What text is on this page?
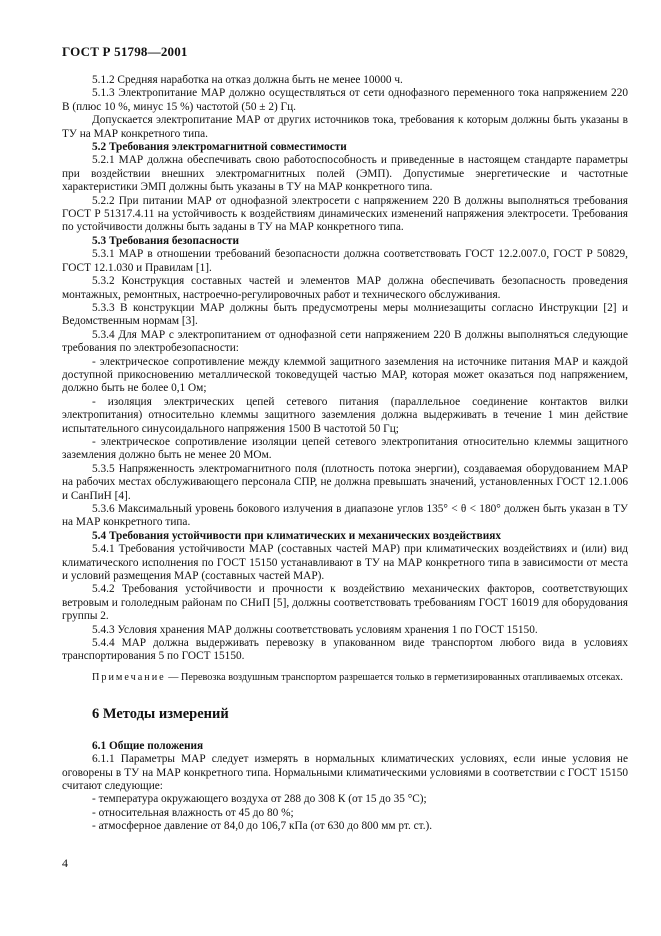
ГОСТ Р 51798—2001

5.1.2 Средняя наработка на отказ должна быть не менее 10000 ч.

5.1.3 Электропитание МАР должно осуществляться от сети однофазного переменного тока напряжением 220 В (плюс 10 %, минус 15 %) частотой (50 ± 2) Гц.

Допускается электропитание МАР от других источников тока, требования к которым должны быть указаны в ТУ на МАР конкретного типа.

5.2 Требования электромагнитной совместимости

5.2.1 МАР должна обеспечивать свою работоспособность и приведенные в настоящем стандарте параметры при воздействии внешних электромагнитных полей (ЭМП). Допустимые энергетические и частотные характеристики ЭМП должны быть указаны в ТУ на МАР конкретного типа.

5.2.2 При питании МАР от однофазной электросети с напряжением 220 В должны выполняться требования ГОСТ Р 51317.4.11 на устойчивость к воздействиям динамических изменений напряжения электросети. Требования по устойчивости должны быть заданы в ТУ на МАР конкретного типа.

5.3 Требования безопасности

5.3.1 МАР в отношении требований безопасности должна соответствовать ГОСТ 12.2.007.0, ГОСТ Р 50829, ГОСТ 12.1.030 и Правилам [1].

5.3.2 Конструкция составных частей и элементов МАР должна обеспечивать безопасность проведения монтажных, ремонтных, настроечно-регулировочных работ и технического обслуживания.

5.3.3 В конструкции МАР должны быть предусмотрены меры молниезащиты согласно Инструкции [2] и Ведомственным нормам [3].

5.3.4 Для МАР с электропитанием от однофазной сети напряжением 220 В должны выполняться следующие требования по электробезопасности:

- электрическое сопротивление между клеммой защитного заземления на источнике питания МАР и каждой доступной прикосновению металлической токоведущей частью МАР, которая может оказаться под напряжением, должно быть не более 0,1 Ом;

- изоляция электрических цепей сетевого питания (параллельное соединение контактов вилки электропитания) относительно клеммы защитного заземления должна выдерживать в течение 1 мин действие испытательного синусоидального напряжения 1500 В частотой 50 Гц;

- электрическое сопротивление изоляции цепей сетевого электропитания относительно клеммы защитного заземления должно быть не менее 20 МОм.

5.3.5 Напряженность электромагнитного поля (плотность потока энергии), создаваемая оборудованием МАР на рабочих местах обслуживающего персонала СПР, не должна превышать значений, установленных ГОСТ 12.1.006 и СанПиН [4].

5.3.6 Максимальный уровень бокового излучения в диапазоне углов 135° < θ < 180° должен быть указан в ТУ на МАР конкретного типа.

5.4 Требования устойчивости при климатических и механических воздействиях

5.4.1 Требования устойчивости МАР (составных частей МАР) при климатических воздействиях и (или) вид климатического исполнения по ГОСТ 15150 устанавливают в ТУ на МАР конкретного типа в зависимости от места и условий размещения МАР (составных частей МАР).

5.4.2 Требования устойчивости и прочности к воздействию механических факторов, соответствующих ветровым и гололедным районам по СНиП [5], должны соответствовать требованиям ГОСТ 16019 для оборудования группы 2.

5.4.3 Условия хранения МАР должны соответствовать условиям хранения 1 по ГОСТ 15150.

5.4.4 МАР должна выдерживать перевозку в упакованном виде транспортом любого вида в условиях транспортирования 5 по ГОСТ 15150.

Примечание — Перевозка воздушным транспортом разрешается только в герметизированных отапливаемых отсеках.

6 Методы измерений

6.1 Общие положения

6.1.1 Параметры МАР следует измерять в нормальных климатических условиях, если иные условия не оговорены в ТУ на МАР конкретного типа. Нормальными климатическими условиями в соответствии с ГОСТ 15150 считают следующие:

- температура окружающего воздуха от 288 до 308 К (от 15 до 35 °С);

- относительная влажность от 45 до 80 %;

- атмосферное давление от 84,0 до 106,7 кПа (от 630 до 800 мм рт. ст.).

4
